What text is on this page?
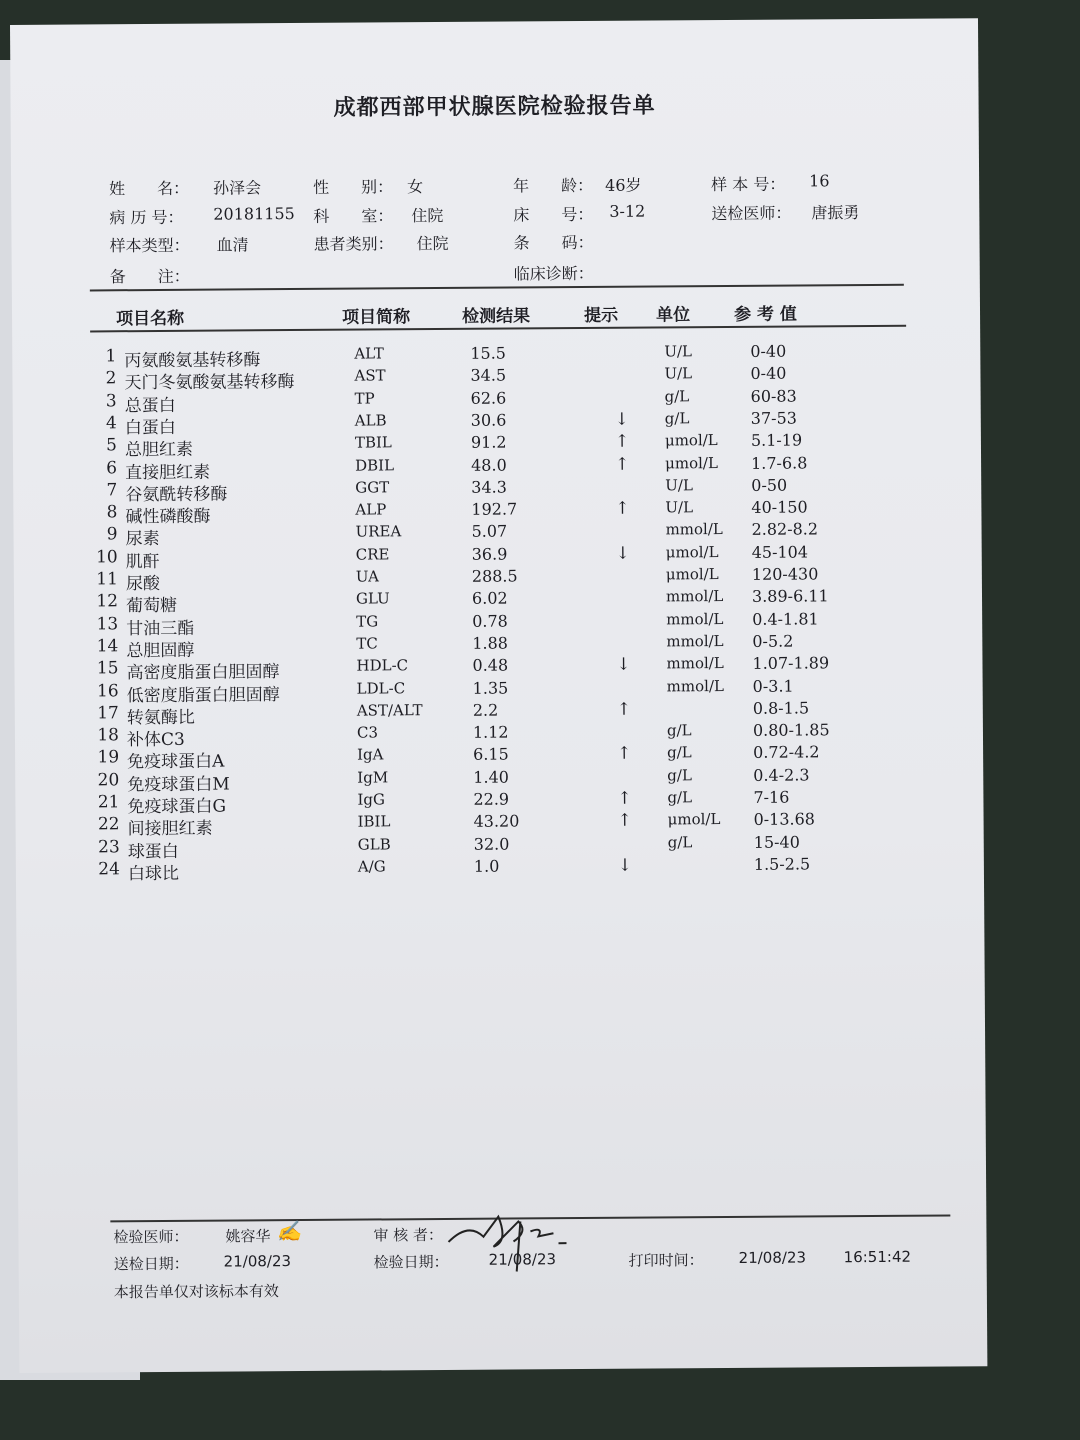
成都西部甲状腺医院检验报告单
姓　　名： 孙泽会	性　　别： 女	年　　龄： 46岁	样 本 号： 16
病 历 号： 20181155 科　　室： 住院	床　　号： 3-12	送检医师： 唐振勇
样本类型： 血清	患者类别： 住院	条　　码：
备　　注：	临床诊断：
项目名称	项目简称	检测结果	提示 单位	参 考 值
1 丙氨酸氨基转移酶	ALT	15.5	U/L	0-40
2 天门冬氨酸氨基转移酶	AST	34.5	U/L	0-40
3 总蛋白	TP	62.6	g/L	60-83
4 白蛋白	ALB	30.6	↓ g/L	37-53
5 总胆红素	TBIL	91.2	↑ μmol/L 5.1-19
6 直接胆红素	DBIL	48.0	↑ μmol/L 1.7-6.8
7 谷氨酰转移酶	GGT	34.3	U/L	0-50
8 碱性磷酸酶	ALP	192.7	↑ U/L	40-150
9 尿素	UREA	5.07	mmol/L 2.82-8.2
10 肌酐	CRE	36.9	↓ μmol/L 45-104
11 尿酸	UA	288.5	μmol/L 120-430
12 葡萄糖	GLU	6.02	mmol/L 3.89-6.11
13 甘油三酯	TG	0.78	mmol/L 0.4-1.81
14 总胆固醇	TC	1.88	mmol/L 0-5.2
15 高密度脂蛋白胆固醇	HDL-C	0.48	↓ mmol/L 1.07-1.89
16 低密度脂蛋白胆固醇	LDL-C	1.35	mmol/L 0-3.1
17 转氨酶比	AST/ALT	2.2	↑	0.8-1.5
18 补体C3	C3	1.12	g/L	0.80-1.85
19 免疫球蛋白A	IgA	6.15	↑ g/L	0.72-4.2
20 免疫球蛋白M	IgM	1.40	g/L	0.4-2.3
21 免疫球蛋白G	IgG	22.9	↑ g/L	7-16
22 间接胆红素	IBIL	43.20	↑ μmol/L 0-13.68
23 球蛋白	GLB	32.0	g/L	15-40
24 白球比	A/G	1.0	↓	1.5-2.5
检验医师： 姚容华 ✍	审 核 者：
送检日期： 21/08/23	检验日期：	21/08/23	打印时间： 21/08/23 16:51:42
本报告单仅对该标本有效
